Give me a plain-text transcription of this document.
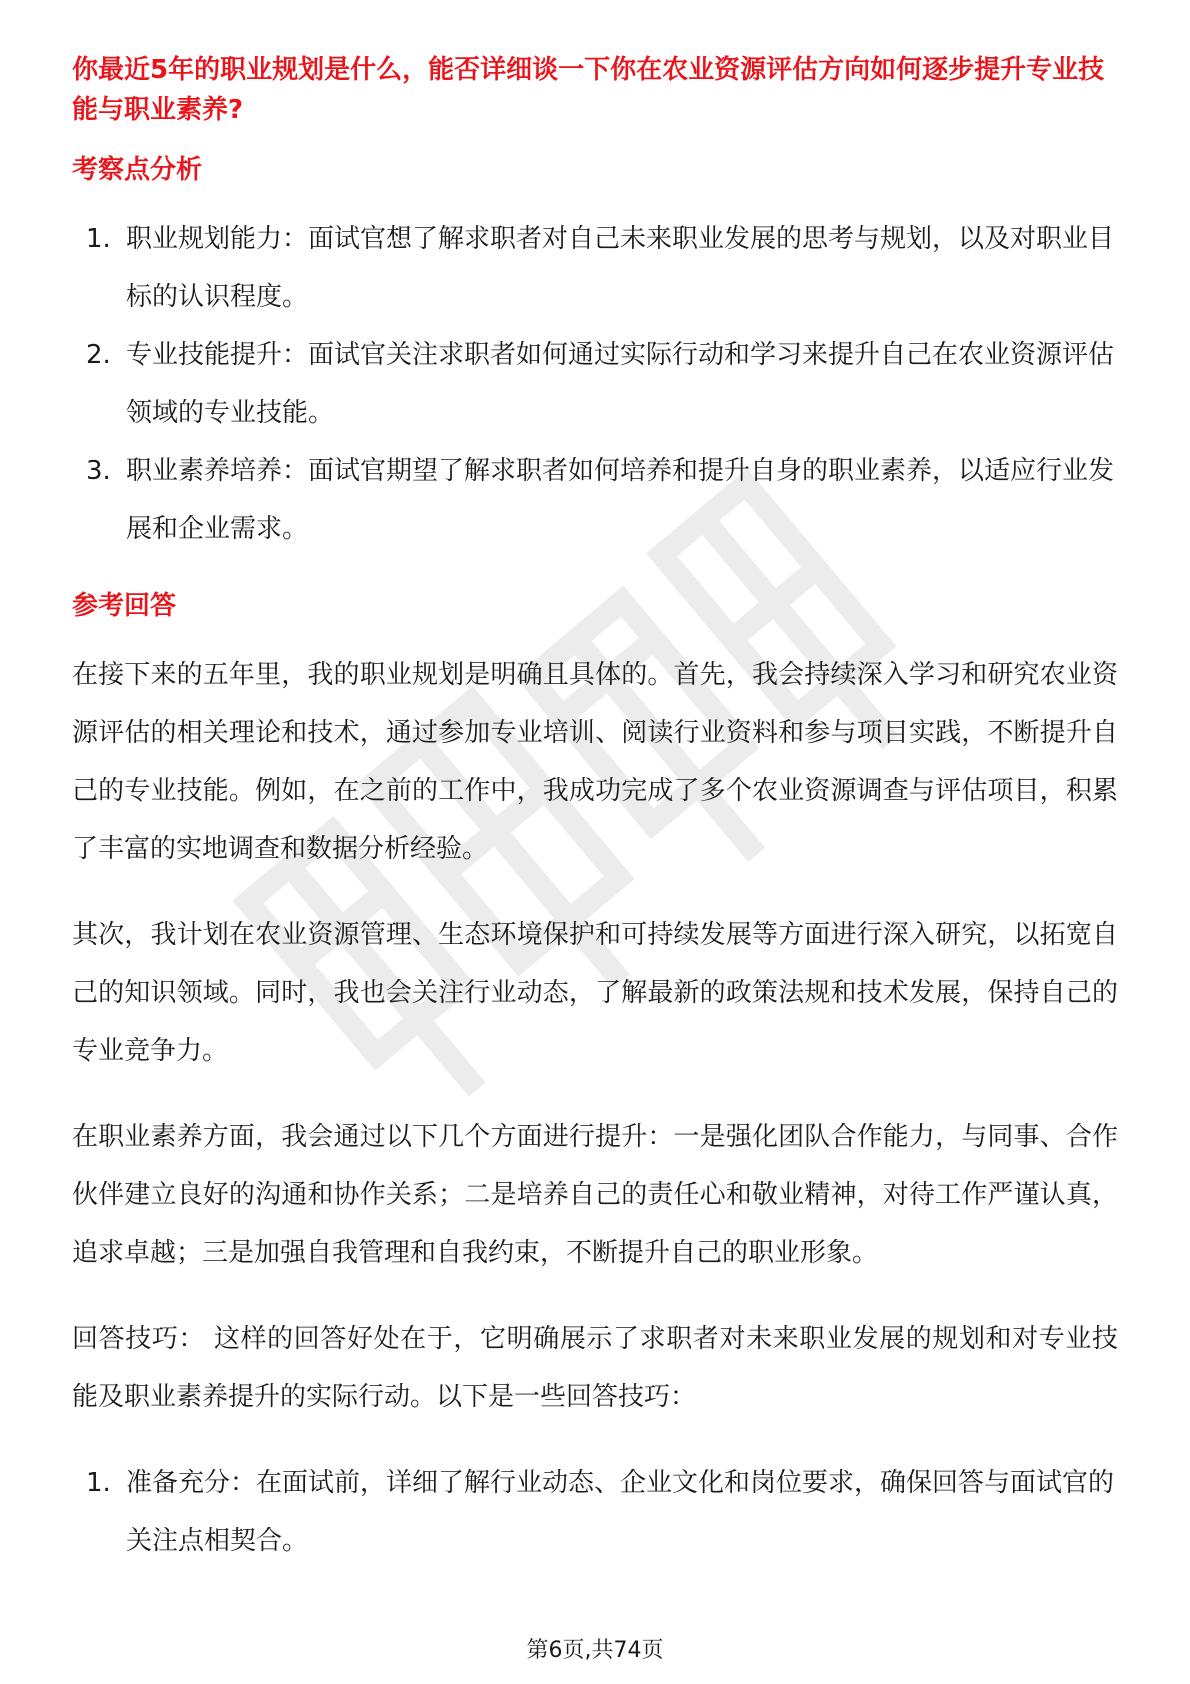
你最近5年的职业规划是什么，能否详细谈一下你在农业资源评估方向如何逐步提升专业技能与职业素养?
考察点分析
1. 职业规划能力：面试官想了解求职者对自己未来职业发展的思考与规划，以及对职业目标的认识程度。
2. 专业技能提升：面试官关注求职者如何通过实际行动和学习来提升自己在农业资源评估领域的专业技能。
3. 职业素养培养：面试官期望了解求职者如何培养和提升自身的职业素养，以适应行业发展和企业需求。
参考回答

在接下来的五年里，我的职业规划是明确且具体的。首先，我会持续深入学习和研究农业资源评估的相关理论和技术，通过参加专业培训、阅读行业资料和参与项目实践，不断提升自己的专业技能。例如，在之前的工作中，我成功完成了多个农业资源调查与评估项目，积累了丰富的实地调查和数据分析经验。

其次，我计划在农业资源管理、生态环境保护和可持续发展等方面进行深入研究，以拓宽自己的知识领域。同时，我也会关注行业动态，了解最新的政策法规和技术发展，保持自己的专业竞争力。

在职业素养方面，我会通过以下几个方面进行提升：一是强化团队合作能力，与同事、合作伙伴建立良好的沟通和协作关系；二是培养自己的责任心和敬业精神，对待工作严谨认真，追求卓越；三是加强自我管理和自我约束，不断提升自己的职业形象。

回答技巧： 这样的回答好处在于，它明确展示了求职者对未来职业发展的规划和对专业技能及职业素养提升的实际行动。以下是一些回答技巧：

1. 准备充分：在面试前，详细了解行业动态、企业文化和岗位要求，确保回答与面试官的关注点相契合。
第6页,共74页
